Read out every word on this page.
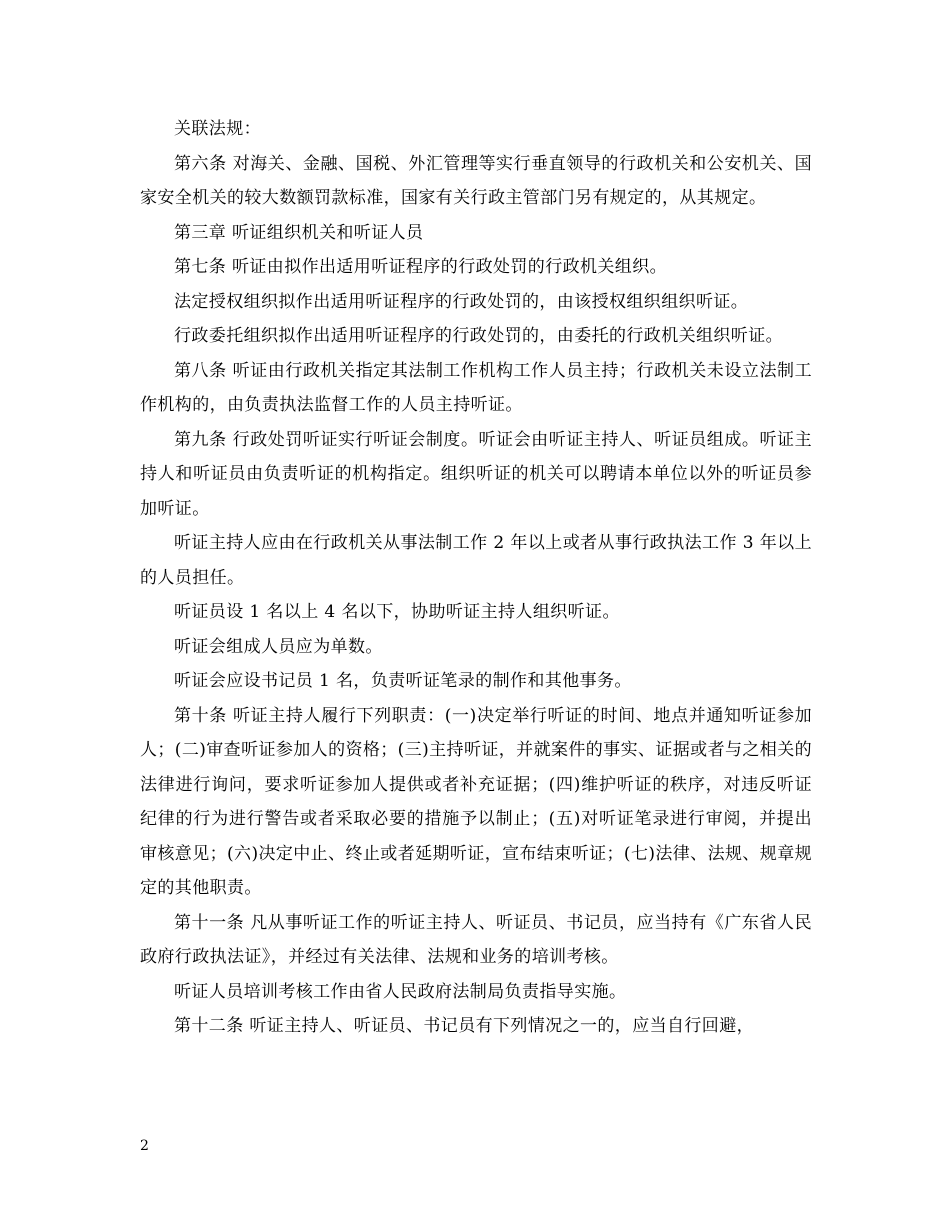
关联法规：

第六条 对海关、金融、国税、外汇管理等实行垂直领导的行政机关和公安机关、国家安全机关的较大数额罚款标准，国家有关行政主管部门另有规定的，从其规定。

第三章 听证组织机关和听证人员

第七条 听证由拟作出适用听证程序的行政处罚的行政机关组织。

法定授权组织拟作出适用听证程序的行政处罚的，由该授权组织组织听证。

行政委托组织拟作出适用听证程序的行政处罚的，由委托的行政机关组织听证。

第八条 听证由行政机关指定其法制工作机构工作人员主持；行政机关未设立法制工作机构的，由负责执法监督工作的人员主持听证。

第九条 行政处罚听证实行听证会制度。听证会由听证主持人、听证员组成。听证主持人和听证员由负责听证的机构指定。组织听证的机关可以聘请本单位以外的听证员参加听证。

听证主持人应由在行政机关从事法制工作 2 年以上或者从事行政执法工作 3 年以上的人员担任。

听证员设 1 名以上 4 名以下，协助听证主持人组织听证。

听证会组成人员应为单数。

听证会应设书记员 1 名，负责听证笔录的制作和其他事务。

第十条 听证主持人履行下列职责：(一)决定举行听证的时间、地点并通知听证参加人；(二)审查听证参加人的资格；(三)主持听证，并就案件的事实、证据或者与之相关的法律进行询问，要求听证参加人提供或者补充证据；(四)维护听证的秩序，对违反听证纪律的行为进行警告或者采取必要的措施予以制止；(五)对听证笔录进行审阅，并提出审核意见；(六)决定中止、终止或者延期听证，宣布结束听证；(七)法律、法规、规章规定的其他职责。

第十一条 凡从事听证工作的听证主持人、听证员、书记员，应当持有《广东省人民政府行政执法证》，并经过有关法律、法规和业务的培训考核。

听证人员培训考核工作由省人民政府法制局负责指导实施。

第十二条 听证主持人、听证员、书记员有下列情况之一的，应当自行回避，

2
